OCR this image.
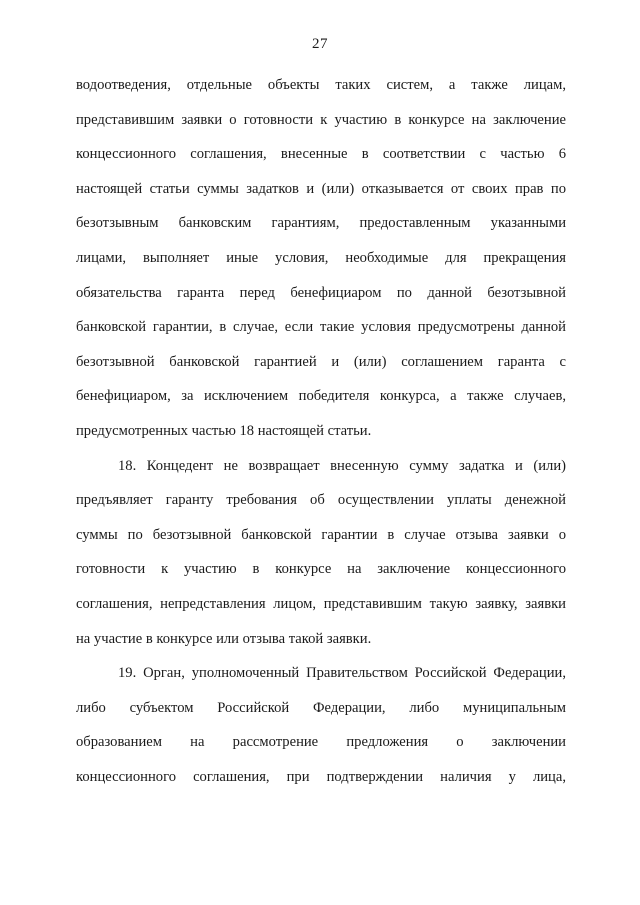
27
водоотведения, отдельные объекты таких систем, а также лицам,
представившим заявки о готовности к участию в конкурсе на заключение
концессионного соглашения, внесенные в соответствии с частью 6
настоящей статьи суммы задатков и (или) отказывается от своих прав по
безотзывным банковским гарантиям, предоставленным указанными
лицами, выполняет иные условия, необходимые для прекращения
обязательства гаранта перед бенефициаром по данной безотзывной
банковской гарантии, в случае, если такие условия предусмотрены данной
безотзывной банковской гарантией и (или) соглашением гаранта с
бенефициаром, за исключением победителя конкурса, а также случаев,
предусмотренных частью 18 настоящей статьи.
18. Концедент не возвращает внесенную сумму задатка и (или)
предъявляет гаранту требования об осуществлении уплаты денежной
суммы по безотзывной банковской гарантии в случае отзыва заявки о
готовности к участию в конкурсе на заключение концессионного
соглашения, непредставления лицом, представившим такую заявку, заявки
на участие в конкурсе или отзыва такой заявки.
19. Орган, уполномоченный Правительством Российской Федерации,
либо субъектом Российской Федерации, либо муниципальным
образованием на рассмотрение предложения о заключении
концессионного соглашения, при подтверждении наличия у лица,
